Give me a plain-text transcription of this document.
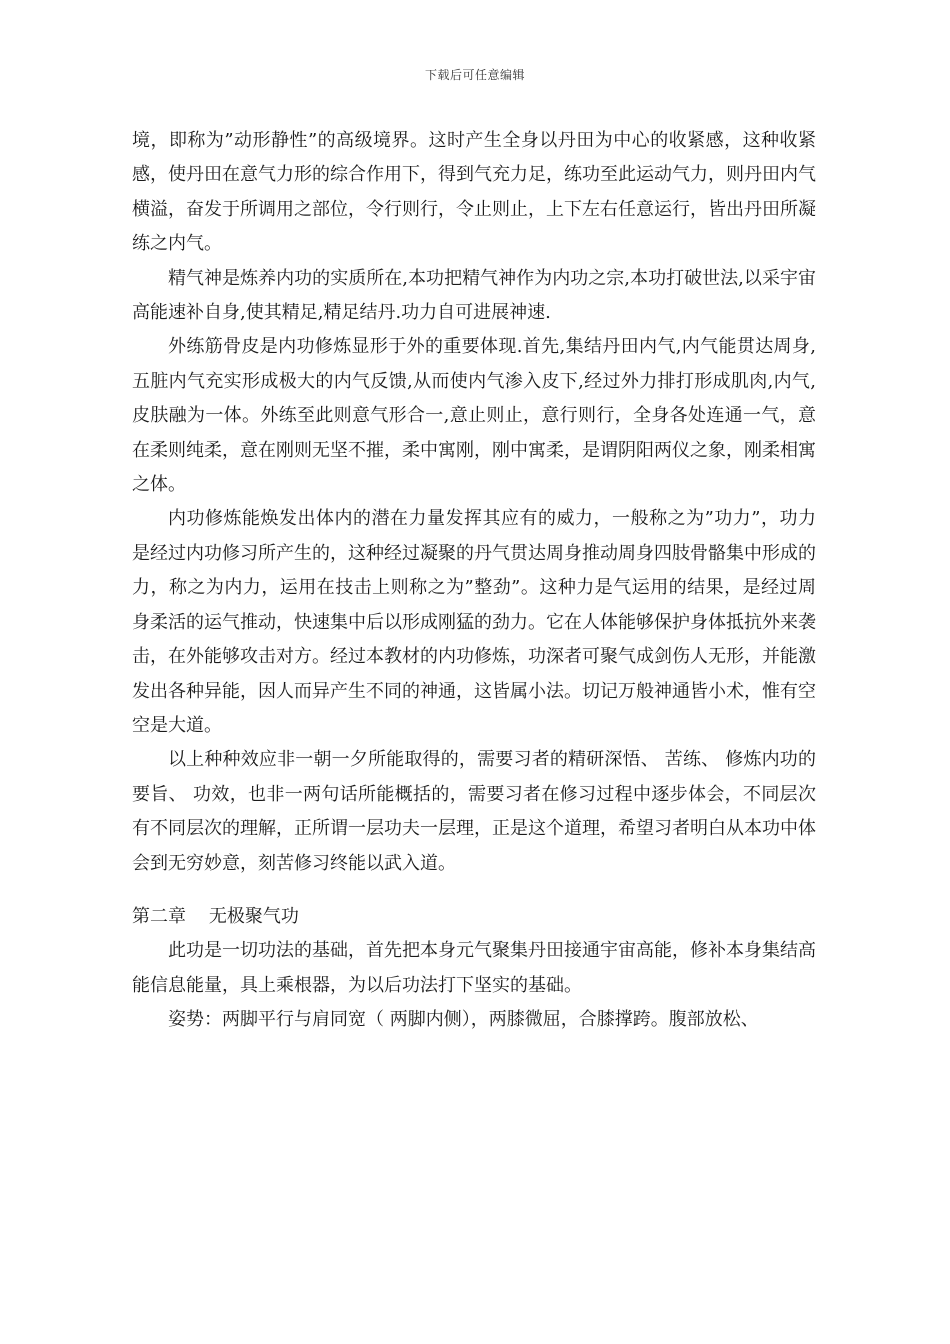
下载后可任意编辑

境，即称为”动形静性”的高级境界。这时产生全身以丹田为中心的收紧感，这种收紧感，使丹田在意气力形的综合作用下，得到气充力足，练功至此运动气力，则丹田内气横溢，奋发于所调用之部位，令行则行，令止则止，上下左右任意运行，皆出丹田所凝练之内气。

精气神是炼养内功的实质所在,本功把精气神作为内功之宗,本功打破世法,以采宇宙高能速补自身,使其精足,精足结丹.功力自可进展神速.

外练筋骨皮是内功修炼显形于外的重要体现.首先,集结丹田内气,内气能贯达周身,五脏内气充实形成极大的内气反馈,从而使内气渗入皮下,经过外力排打形成肌肉,内气,皮肤融为一体。外练至此则意气形合一,意止则止，意行则行，全身各处连通一气，意在柔则纯柔，意在刚则无坚不摧，柔中寓刚，刚中寓柔，是谓阴阳两仪之象，刚柔相寓之体。

内功修炼能焕发出体内的潜在力量发挥其应有的威力，一般称之为”功力”，功力是经过内功修习所产生的，这种经过凝聚的丹气贯达周身推动周身四肢骨骼集中形成的力，称之为内力，运用在技击上则称之为”整劲”。这种力是气运用的结果，是经过周身柔活的运气推动，快速集中后以形成刚猛的劲力。它在人体能够保护身体抵抗外来袭击，在外能够攻击对方。经过本教材的内功修炼，功深者可聚气成剑伤人无形，并能激发出各种异能，因人而异产生不同的神通，这皆属小法。切记万般神通皆小术，惟有空空是大道。

以上种种效应非一朝一夕所能取得的，需要习者的精研深悟、 苦练、 修炼内功的要旨、 功效，也非一两句话所能概括的，需要习者在修习过程中逐步体会，不同层次有不同层次的理解，正所谓一层功夫一层理，正是这个道理，希望习者明白从本功中体会到无穷妙意，刻苦修习终能以武入道。

第二章    无极聚气功

此功是一切功法的基础，首先把本身元气聚集丹田接通宇宙高能，修补本身集结高能信息能量，具上乘根器，为以后功法打下坚实的基础。

姿势：两脚平行与肩同宽（ 两脚内侧），两膝微屈，合膝撑跨。腹部放松、
